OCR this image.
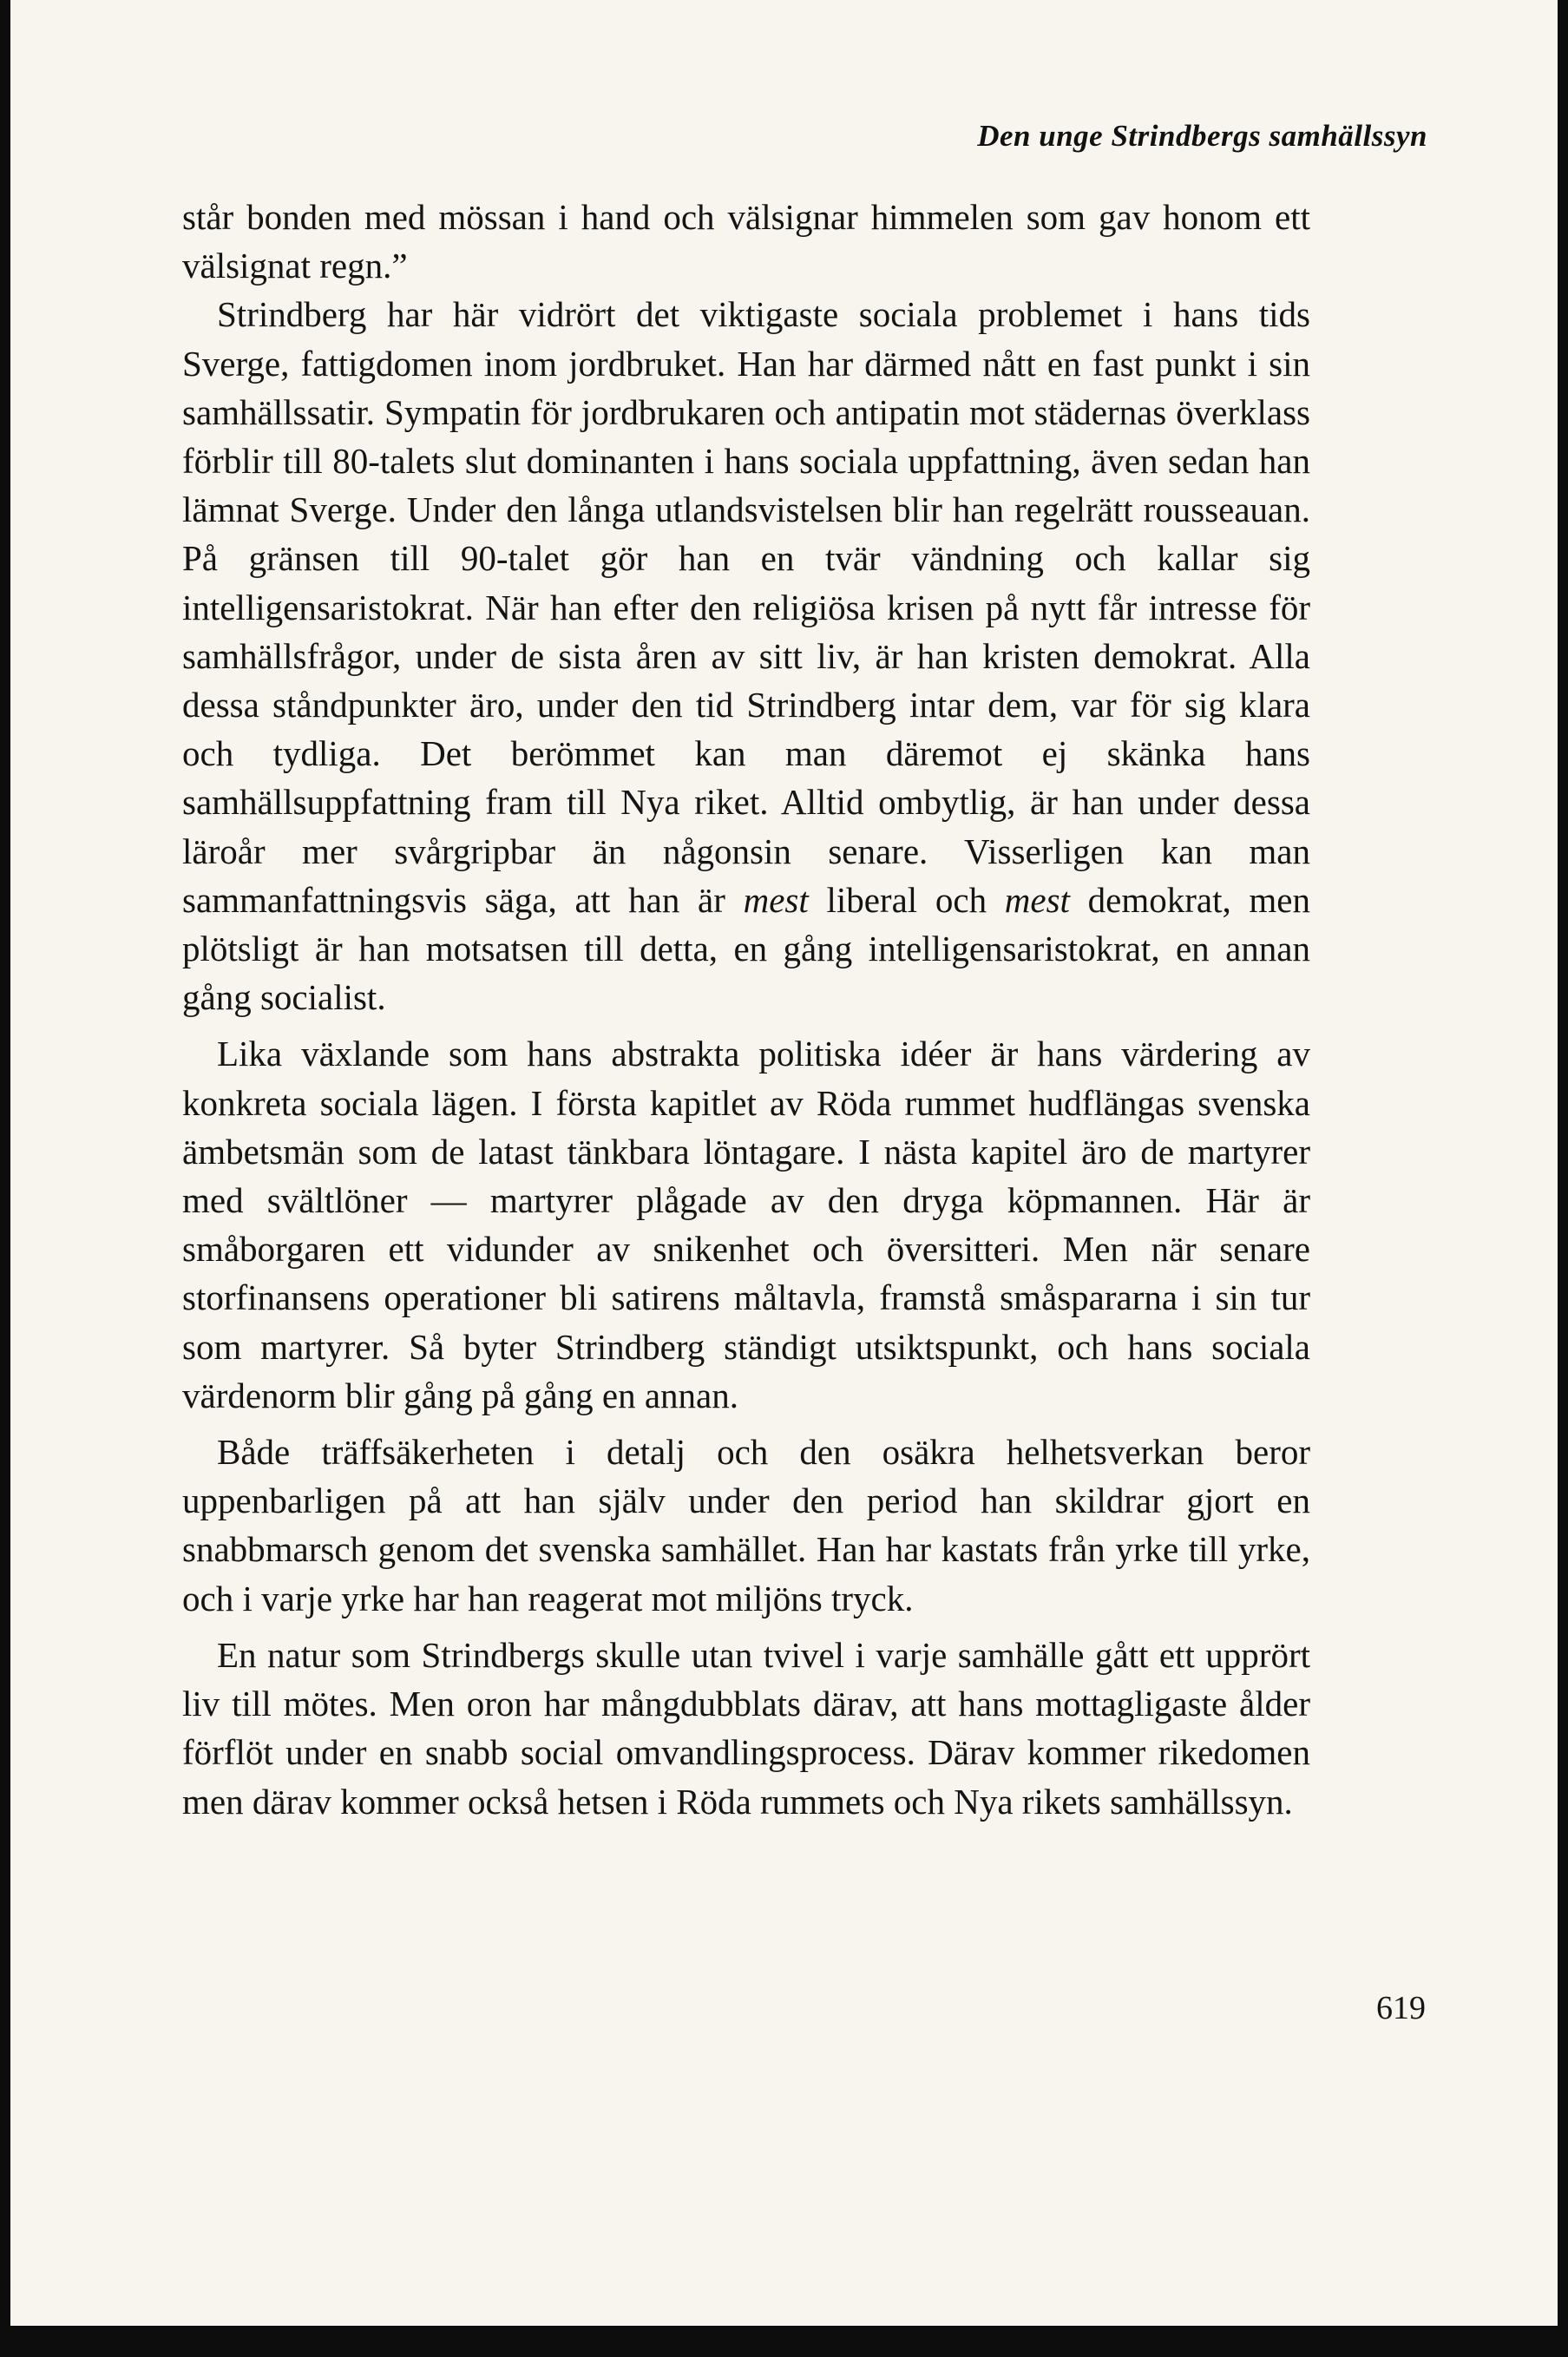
Den unge Strindbergs samhällssyn

står bonden med mössan i hand och välsignar himmelen som gav honom ett välsignat regn.”

Strindberg har här vidrört det viktigaste sociala problemet i hans tids Sverge, fattigdomen inom jordbruket. Han har därmed nått en fast punkt i sin samhällssatir. Sympatin för jordbrukaren och antipatin mot städernas överklass förblir till 80-talets slut dominanten i hans sociala uppfattning, även sedan han lämnat Sverge. Under den långa utlandsvistelsen blir han regelrätt rousseauan. På gränsen till 90-talet gör han en tvär vändning och kallar sig intelligensaristokrat. När han efter den religiösa krisen på nytt får intresse för samhällsfrågor, under de sista åren av sitt liv, är han kristen demokrat. Alla dessa ståndpunkter äro, under den tid Strindberg intar dem, var för sig klara och tydliga. Det berömmet kan man däremot ej skänka hans samhällsuppfattning fram till Nya riket. Alltid ombytlig, är han under dessa läroår mer svårgripbar än någonsin senare. Visserligen kan man sammanfattningsvis säga, att han är mest liberal och mest demokrat, men plötsligt är han motsatsen till detta, en gång intelligensaristokrat, en annan gång socialist.

Lika växlande som hans abstrakta politiska idéer är hans värdering av konkreta sociala lägen. I första kapitlet av Röda rummet hudflängas svenska ämbetsmän som de latast tänkbara löntagare. I nästa kapitel äro de martyrer med svältlöner — martyrer plågade av den dryga köpmannen. Här är småborgaren ett vidunder av snikenhet och översitteri. Men när senare storfinansens operationer bli satirens måltavla, framstå småspararna i sin tur som martyrer. Så byter Strindberg ständigt utsiktspunkt, och hans sociala värdenorm blir gång på gång en annan.

Både träffsäkerheten i detalj och den osäkra helhetsverkan beror uppenbarligen på att han själv under den period han skildrar gjort en snabbmarsch genom det svenska samhället. Han har kastats från yrke till yrke, och i varje yrke har han reagerat mot miljöns tryck.

En natur som Strindbergs skulle utan tvivel i varje samhälle gått ett upprört liv till mötes. Men oron har mångdubblats därav, att hans mottagligaste ålder förflöt under en snabb social omvandlingsprocess. Därav kommer rikedomen men därav kommer också hetsen i Röda rummets och Nya rikets samhällssyn.

619
